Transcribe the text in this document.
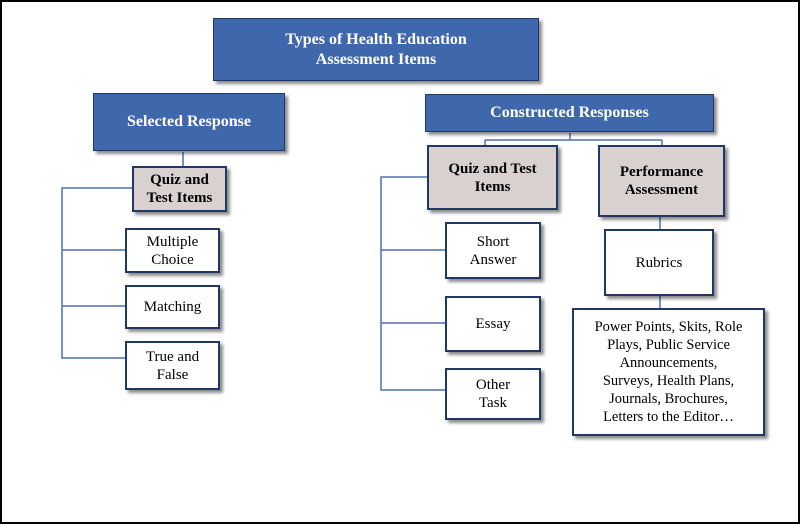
Types of Health Education
Assessment Items
Selected Response
Constructed Responses
Quiz and
Test Items
Multiple
Choice
Matching
True and
False
Quiz and Test
Items
Performance
Assessment
Short
Answer
Essay
Other
Task
Rubrics
Power Points, Skits, Role
Plays, Public Service
Announcements,
Surveys, Health Plans,
Journals, Brochures,
Letters to the Editor…
